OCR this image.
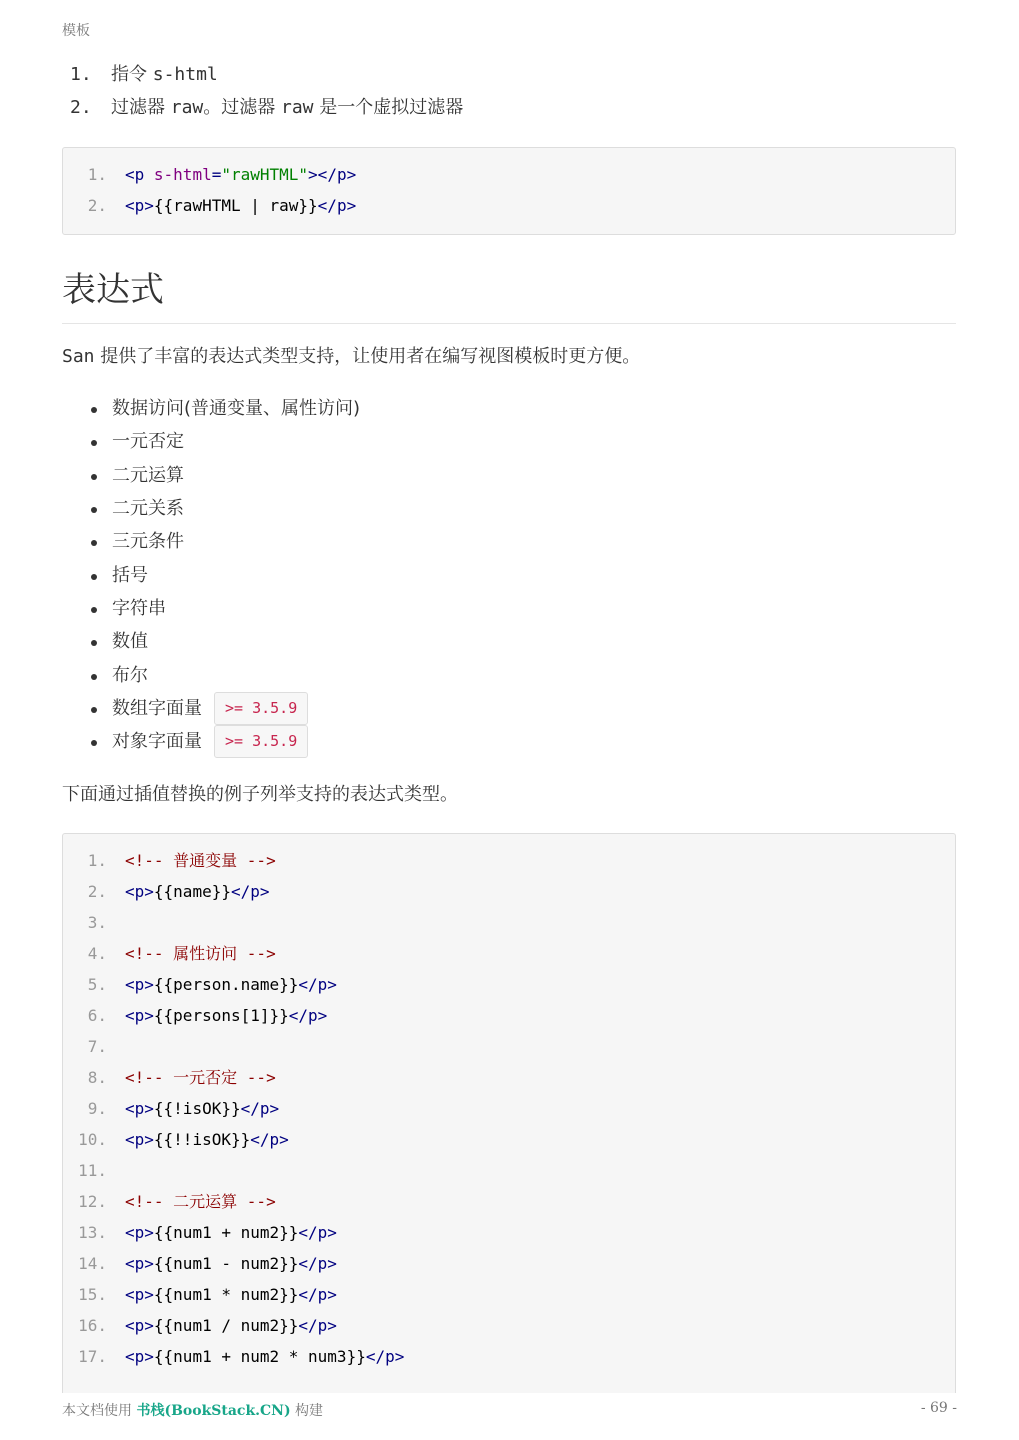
模板
1.	指令 s-html
2.	过滤器 raw。过滤器 raw 是一个虚拟过滤器
1. <p s-html="rawHTML"></p>
2. <p>{{rawHTML | raw}}</p>
表达式
San 提供了丰富的表达式类型支持，让使用者在编写视图模板时更方便。
数据访问(普通变量、属性访问)
一元否定
二元运算
二元关系
三元条件
括号
字符串
数值
布尔
数组字面量	>= 3.5.9
对象字面量	>= 3.5.9
下面通过插值替换的例子列举支持的表达式类型。
1. <!-- 普通变量 -->
2. <p>{{name}}</p>
3.
4. <!-- 属性访问 -->
5. <p>{{person.name}}</p>
6. <p>{{persons[1]}}</p>
7.
8. <!-- 一元否定 -->
9. <p>{{!isOK}}</p>
10. <p>{{!!isOK}}</p>
11.
12. <!-- 二元运算 -->
13. <p>{{num1 + num2}}</p>
14. <p>{{num1 - num2}}</p>
15. <p>{{num1 * num2}}</p>
16. <p>{{num1 / num2}}</p>
17. <p>{{num1 + num2 * num3}}</p>
本文档使用 书栈(BookStack.CN) 构建	- 69 -
